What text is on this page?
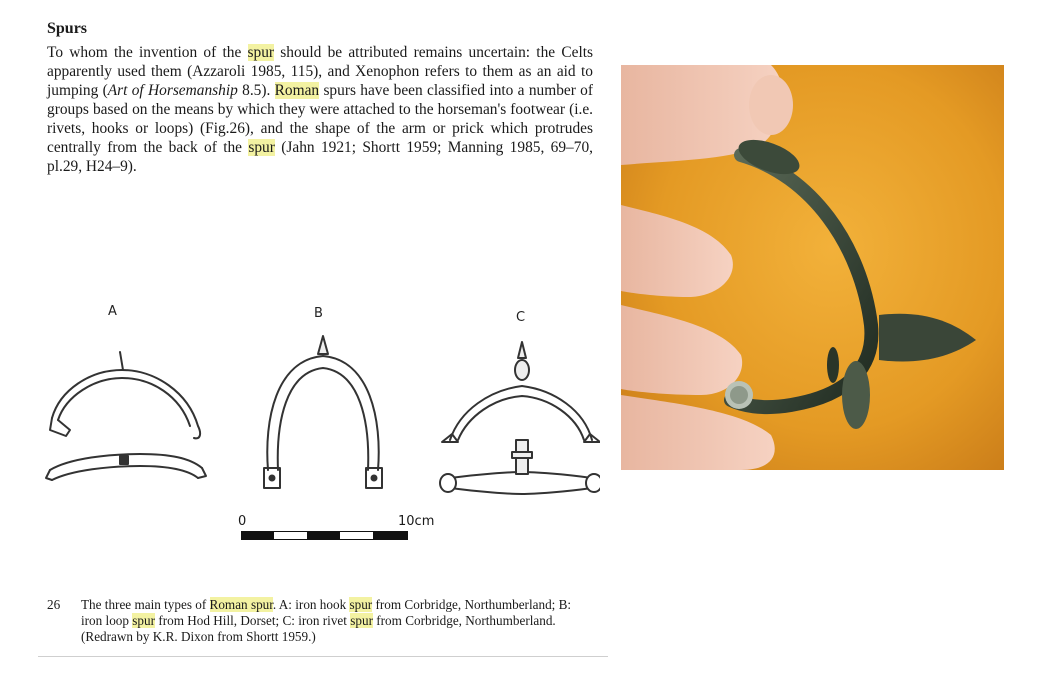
Spurs

To whom the invention of the spur should be attributed remains uncertain: the Celts apparently used them (Azzaroli 1985, 115), and Xenophon refers to them as an aid to jumping (Art of Horsemanship 8.5). Roman spurs have been classified into a number of groups based on the means by which they were attached to the horseman's footwear (i.e. rivets, hooks or loops) (Fig.26), and the shape of the arm or prick which protrudes centrally from the back of the spur (Jahn 1921; Shortt 1959; Manning 1985, 69–70, pl.29, H24–9).

A	B	C
0	10cm
26 The three main types of Roman spur. A: iron hook spur from Corbridge, Northumberland; B: iron loop spur from Hod Hill, Dorset; C: iron rivet spur from Corbridge, Northumberland. (Redrawn by K.R. Dixon from Shortt 1959.)
